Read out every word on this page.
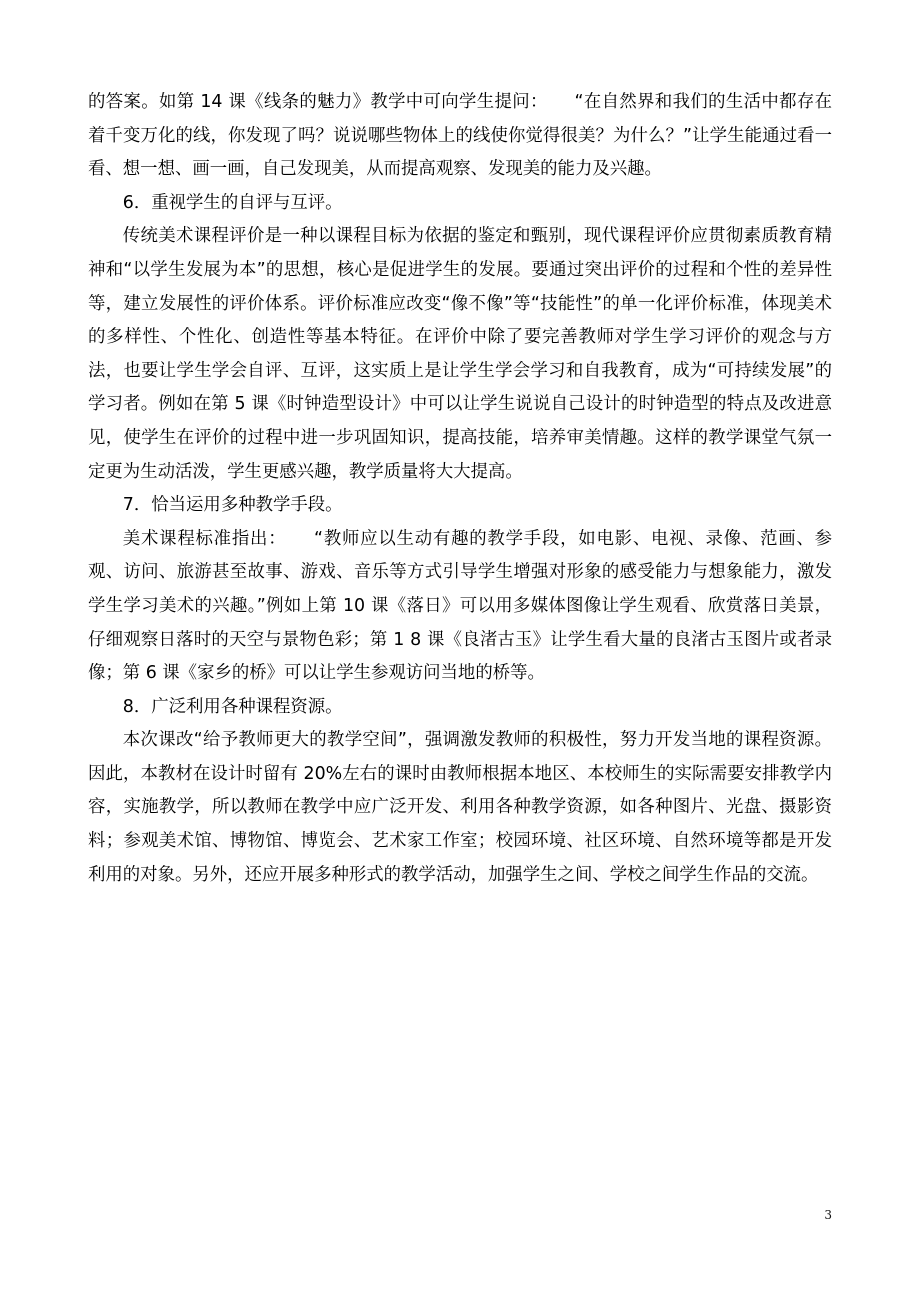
的答案。如第 14 课《线条的魅力》教学中可向学生提问：　　“在自然界和我们的生活中都存在着千变万化的线，你发现了吗？说说哪些物体上的线使你觉得很美？为什么？”让学生能通过看一看、想一想、画一画，自己发现美，从而提高观察、发现美的能力及兴趣。

6．重视学生的自评与互评。

传统美术课程评价是一种以课程目标为依据的鉴定和甄别，现代课程评价应贯彻素质教育精神和“以学生发展为本”的思想，核心是促进学生的发展。要通过突出评价的过程和个性的差异性等，建立发展性的评价体系。评价标准应改变“像不像”等“技能性”的单一化评价标准，体现美术的多样性、个性化、创造性等基本特征。在评价中除了要完善教师对学生学习评价的观念与方法，也要让学生学会自评、互评，这实质上是让学生学会学习和自我教育，成为“可持续发展”的学习者。例如在第 5 课《时钟造型设计》中可以让学生说说自己设计的时钟造型的特点及改进意见，使学生在评价的过程中进一步巩固知识，提高技能，培养审美情趣。这样的教学课堂气氛一定更为生动活泼，学生更感兴趣，教学质量将大大提高。

7．恰当运用多种教学手段。

美术课程标准指出：　　“教师应以生动有趣的教学手段，如电影、电视、录像、范画、参观、访问、旅游甚至故事、游戏、音乐等方式引导学生增强对形象的感受能力与想象能力，激发学生学习美术的兴趣。”例如上第 10 课《落日》可以用多媒体图像让学生观看、欣赏落日美景，仔细观察日落时的天空与景物色彩；第 1 8 课《良渚古玉》让学生看大量的良渚古玉图片或者录像；第 6 课《家乡的桥》可以让学生参观访问当地的桥等。

8．广泛利用各种课程资源。

本次课改“给予教师更大的教学空间”，强调激发教师的积极性，努力开发当地的课程资源。因此，本教材在设计时留有 20%左右的课时由教师根据本地区、本校师生的实际需要安排教学内容，实施教学，所以教师在教学中应广泛开发、利用各种教学资源，如各种图片、光盘、摄影资料；参观美术馆、博物馆、博览会、艺术家工作室；校园环境、社区环境、自然环境等都是开发利用的对象。另外，还应开展多种形式的教学活动，加强学生之间、学校之间学生作品的交流。

3
